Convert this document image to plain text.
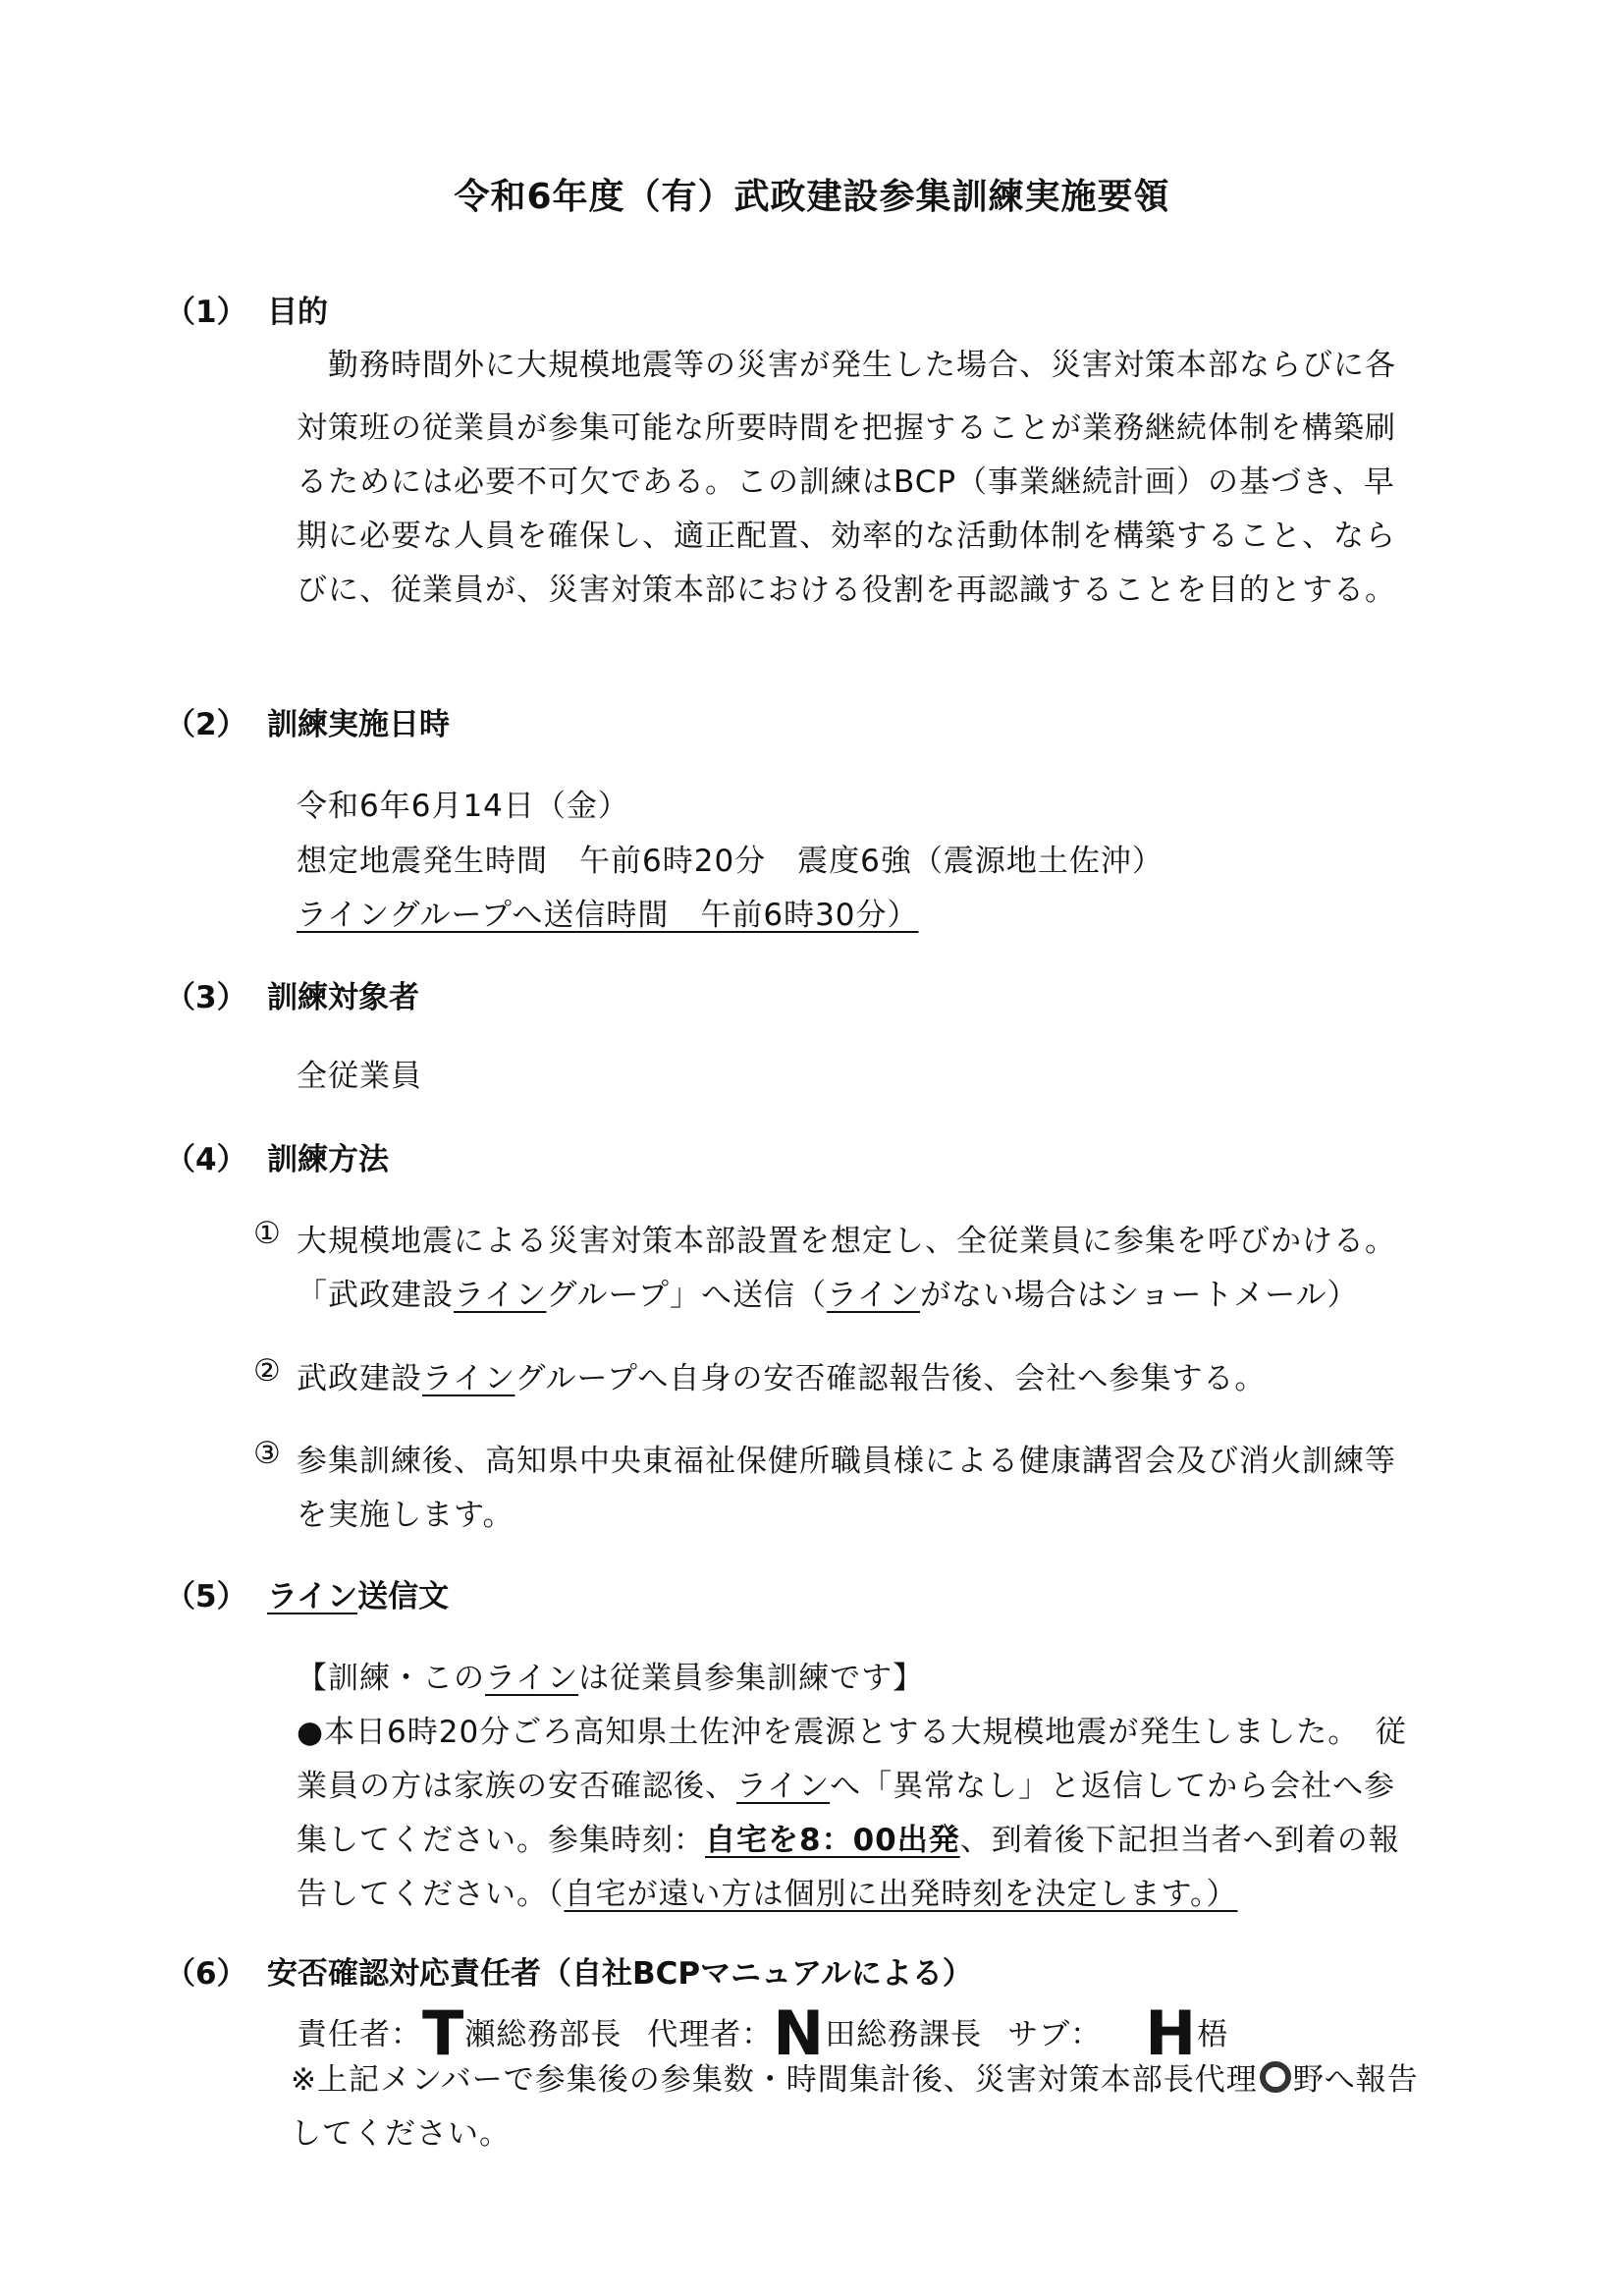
令和6年度（有）武政建設参集訓練実施要領
（1） 目的
　勤務時間外に大規模地震等の災害が発生した場合、災害対策本部ならびに各
対策班の従業員が参集可能な所要時間を把握することが業務継続体制を構築刷
るためには必要不可欠である。この訓練はBCP（事業継続計画）の基づき、早
期に必要な人員を確保し、適正配置、効率的な活動体制を構築すること、なら
びに、従業員が、災害対策本部における役割を再認識することを目的とする。
（2） 訓練実施日時
令和6年6月14日（金）
想定地震発生時間　午前6時20分　震度6強（震源地土佐沖）
ライングループへ送信時間　午前6時30分）
（3） 訓練対象者
全従業員
（4） 訓練方法
① 大規模地震による災害対策本部設置を想定し、全従業員に参集を呼びかける。
「武政建設ライングループ」へ送信（ラインがない場合はショートメール）
② 武政建設ライングループへ自身の安否確認報告後、会社へ参集する。
③ 参集訓練後、高知県中央東福祉保健所職員様による健康講習会及び消火訓練等
を実施します。
（5） ライン送信文
【訓練・このラインは従業員参集訓練です】
●本日6時20分ごろ高知県土佐沖を震源とする大規模地震が発生しました。　従
業員の方は家族の安否確認後、ラインへ「異常なし」と返信してから会社へ参
集してください。参集時刻：自宅を8：00出発、到着後下記担当者へ到着の報
告してください。（自宅が遠い方は個別に出発時刻を決定します。）
（6） 安否確認対応責任者（自社BCPマニュアルによる）
責任者：T瀬総務部長 代理者：N田総務課長 サブ： H梧
※上記メンバーで参集後の参集数・時間集計後、災害対策本部長代理 野へ報告
してください。
